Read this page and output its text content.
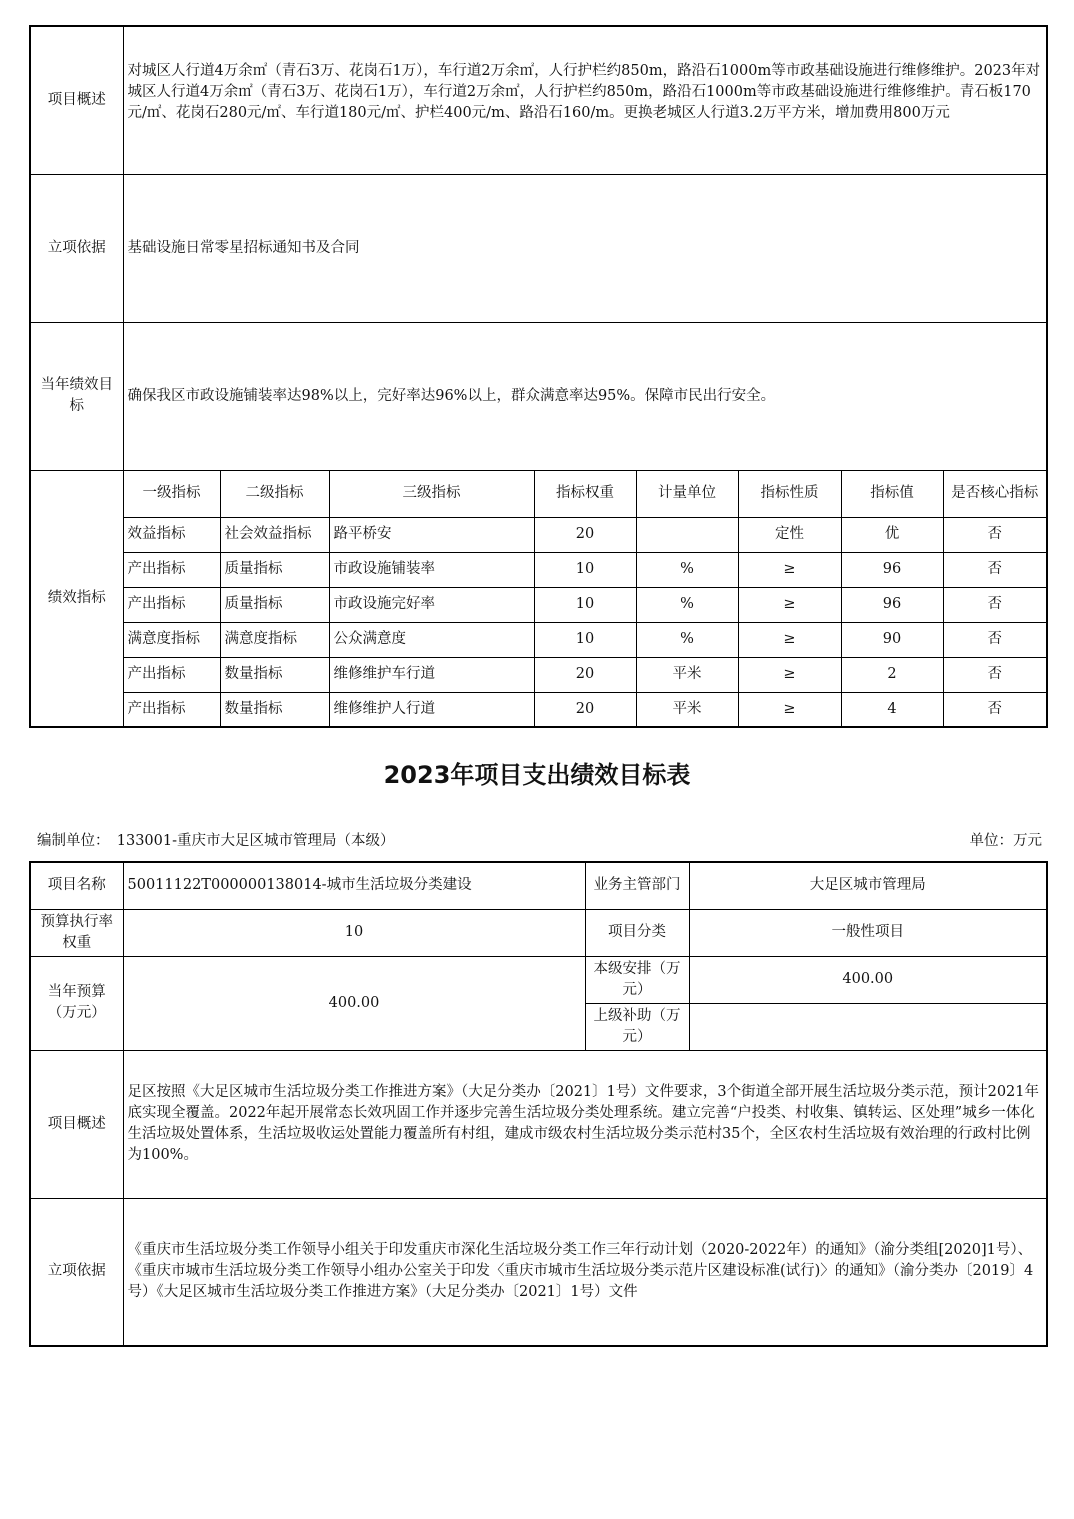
项目概述	对城区人行道4万余㎡（青石3万、花岗石1万），车行道2万余㎡，人行护栏约850m，路沿石1000m等市政基础设施进行维修维护。2023年对城区人行道4万余㎡（青石3万、花岗石1万），车行道2万余㎡，人行护栏约850m，路沿石1000m等市政基础设施进行维修维护。青石板170元/㎡、花岗石280元/㎡、车行道180元/㎡、护栏400元/m、路沿石160/m。更换老城区人行道3.2万平方米，增加费用800万元							
立项依据	基础设施日常零星招标通知书及合同							
当年绩效目标	确保我区市政设施铺装率达98%以上，完好率达96%以上，群众满意率达95%。保障市民出行安全。							
绩效指标	一级指标	二级指标	三级指标	指标权重	计量单位	指标性质	指标值	是否核心指标
	效益指标	社会效益指标	路平桥安	20		定性	优	否
	产出指标	质量指标	市政设施铺装率	10	%	≥	96	否
	产出指标	质量指标	市政设施完好率	10	%	≥	96	否
	满意度指标	满意度指标	公众满意度	10	%	≥	90	否
	产出指标	数量指标	维修维护车行道	20	平米	≥	2	否
	产出指标	数量指标	维修维护人行道	20	平米	≥	4	否
2023年项目支出绩效目标表
编制单位：　133001-重庆市大足区城市管理局（本级）	单位：万元
项目名称	50011122T000000138014-城市生活垃圾分类建设	业务主管部门	大足区城市管理局
预算执行率权重	10	项目分类	一般性项目
当年预算（万元）	400.00	本级安排（万元）	400.00
		上级补助（万元）	
项目概述	足区按照《大足区城市生活垃圾分类工作推进方案》（大足分类办〔2021〕1号）文件要求，3个街道全部开展生活垃圾分类示范，预计2021年底实现全覆盖。2022年起开展常态长效巩固工作并逐步完善生活垃圾分类处理系统。建立完善“户投类、村收集、镇转运、区处理”城乡一体化生活垃圾处置体系，生活垃圾收运处置能力覆盖所有村组，建成市级农村生活垃圾分类示范村35个，全区农村生活垃圾有效治理的行政村比例为100%。		
立项依据	《重庆市生活垃圾分类工作领导小组关于印发重庆市深化生活垃圾分类工作三年行动计划（2020-2022年）的通知》（渝分类组[2020]1号）、《重庆市城市生活垃圾分类工作领导小组办公室关于印发〈重庆市城市生活垃圾分类示范片区建设标准(试行)〉的通知》（渝分类办〔2019〕4号）《大足区城市生活垃圾分类工作推进方案》（大足分类办〔2021〕1号）文件		
